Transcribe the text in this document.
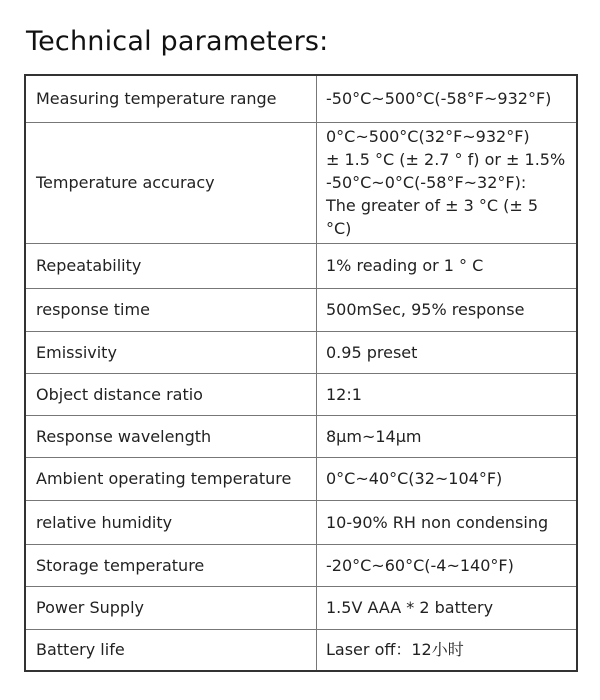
Technical parameters:
Measuring temperature range	-50°C~500°C(-58°F~932°F)

Temperature accuracy	0°C~500°C(32°F~932°F)
± 1.5 °C (± 2.7 ° f) or ± 1.5%
-50°C~0°C(-58°F~32°F):
The greater of ± 3 °C (± 5 °C)

Repeatability	1% reading or 1 ° C

response time	500mSec, 95% response

Emissivity	0.95 preset

Object distance ratio	12:1

Response wavelength	8μm~14μm

Ambient operating temperature	0°C~40°C(32~104°F)

relative humidity	10-90% RH non condensing

Storage temperature	-20°C~60°C(-4~140°F)

Power Supply	1.5V AAA * 2 battery

Battery life	Laser off：12小时
